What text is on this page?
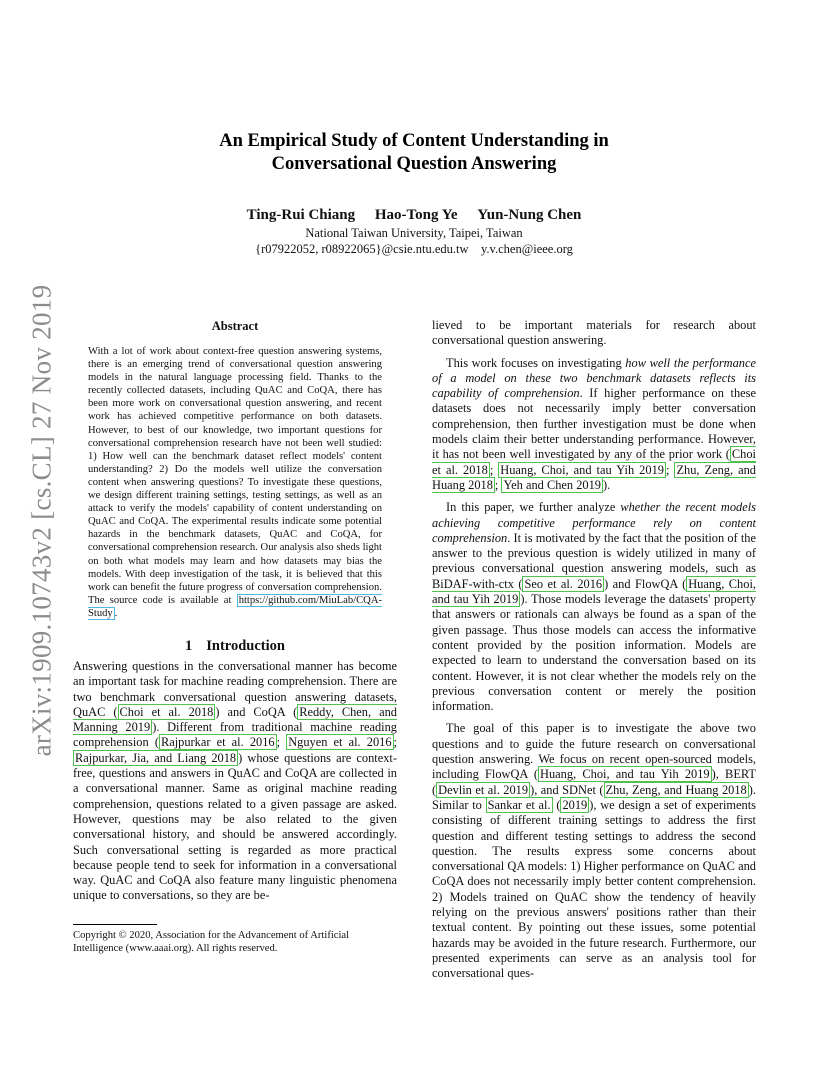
arXiv:1909.10743v2 [cs.CL] 27 Nov 2019
An Empirical Study of Content Understanding in
Conversational Question Answering
Ting-Rui Chiang Hao-Tong Ye Yun-Nung Chen
National Taiwan University, Taipei, Taiwan
{r07922052, r08922065}@csie.ntu.edu.tw    y.v.chen@ieee.org
Abstract
With a lot of work about context-free question answering systems, there is an emerging trend of conversational question answering models in the natural language processing field. Thanks to the recently collected datasets, including QuAC and CoQA, there has been more work on conversational question answering, and recent work has achieved competitive performance on both datasets. However, to best of our knowledge, two important questions for conversational comprehension research have not been well studied: 1) How well can the benchmark dataset reflect models' content understanding? 2) Do the models well utilize the conversation content when answering questions? To investigate these questions, we design different training settings, testing settings, as well as an attack to verify the models' capability of content understanding on QuAC and CoQA. The experimental results indicate some potential hazards in the benchmark datasets, QuAC and CoQA, for conversational comprehension research. Our analysis also sheds light on both what models may learn and how datasets may bias the models. With deep investigation of the task, it is believed that this work can benefit the future progress of conversation comprehension. The source code is available at https://github.com/MiuLab/CQA-Study .
1 Introduction
Answering questions in the conversational manner has become an important task for machine reading comprehension. There are two benchmark conversational question answering datasets, QuAC ( Choi et al. 2018 ) and CoQA ( Reddy, Chen, and Manning 2019 ). Different from traditional machine reading comprehension ( Rajpurkar et al. 2016 ; Nguyen et al. 2016 ; Rajpurkar, Jia, and Liang 2018 ) whose questions are context-free, questions and answers in QuAC and CoQA are collected in a conversational manner. Same as original machine reading comprehension, questions related to a given passage are asked. However, questions may be also related to the given conversational history, and should be answered accordingly. Such conversational setting is regarded as more practical because people tend to seek for information in a conversational way. QuAC and CoQA also feature many linguistic phenomena unique to conversations, so they are be-
lieved to be important materials for research about conversational question answering.
This work focuses on investigating how well the performance of a model on these two benchmark datasets reflects its capability of comprehension. If higher performance on these datasets does not necessarily imply better conversation comprehension, then further investigation must be done when models claim their better understanding performance. However, it has not been well investigated by any of the prior work ( Choi et al. 2018 ; Huang, Choi, and tau Yih 2019 ; Zhu, Zeng, and Huang 2018 ; Yeh and Chen 2019 ).
In this paper, we further analyze whether the recent models achieving competitive performance rely on content comprehension. It is motivated by the fact that the position of the answer to the previous question is widely utilized in many of previous conversational question answering models, such as BiDAF-with-ctx ( Seo et al. 2016 ) and FlowQA ( Huang, Choi, and tau Yih 2019 ). Those models leverage the datasets' property that answers or rationals can always be found as a span of the given passage. Thus those models can access the informative content provided by the position information. Models are expected to learn to understand the conversation based on its content. However, it is not clear whether the models rely on the previous conversation content or merely the position information.
The goal of this paper is to investigate the above two questions and to guide the future research on conversational question answering. We focus on recent open-sourced models, including FlowQA ( Huang, Choi, and tau Yih 2019 ), BERT ( Devlin et al. 2019 ), and SDNet ( Zhu, Zeng, and Huang 2018 ). Similar to Sankar et al. ( 2019 ), we design a set of experiments consisting of different training settings to address the first question and different testing settings to address the second question. The results express some concerns about conversational QA models: 1) Higher performance on QuAC and CoQA does not necessarily imply better content comprehension. 2) Models trained on QuAC show the tendency of heavily relying on the previous answers' positions rather than their textual content. By pointing out these issues, some potential hazards may be avoided in the future research. Furthermore, our presented experiments can serve as an analysis tool for conversational ques-
Copyright © 2020, Association for the Advancement of Artificial Intelligence (www.aaai.org). All rights reserved.
